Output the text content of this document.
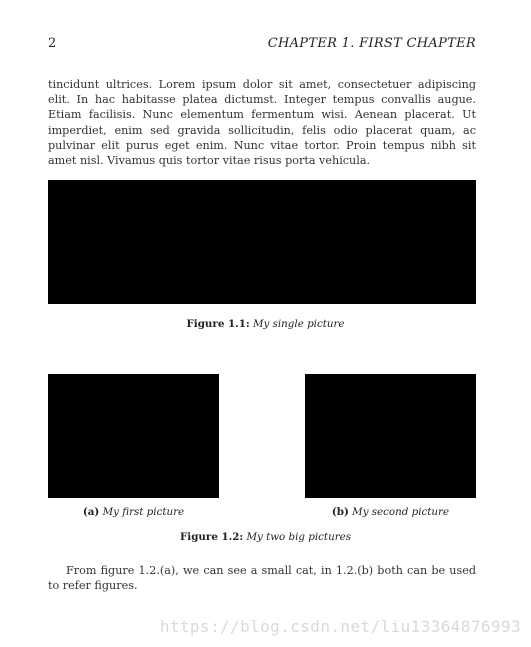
2	CHAPTER 1. FIRST CHAPTER
tincidunt ultrices. Lorem ipsum dolor sit amet, consectetuer adipiscing elit. In hac habitasse platea dictumst. Integer tempus convallis augue. Etiam facilisis. Nunc elementum fermentum wisi. Aenean placerat. Ut imperdiet, enim sed gravida sollicitudin, felis odio placerat quam, ac pulvinar elit purus eget enim. Nunc vitae tortor. Proin tempus nibh sit amet nisl. Vivamus quis tortor vitae risus porta vehicula.
Figure 1.1: My single picture
(a) My first picture	(b) My second picture
Figure 1.2: My two big pictures
From figure 1.2.(a), we can see a small cat, in 1.2.(b) both can be used to refer figures.
https://blog.csdn.net/liu13364876993
